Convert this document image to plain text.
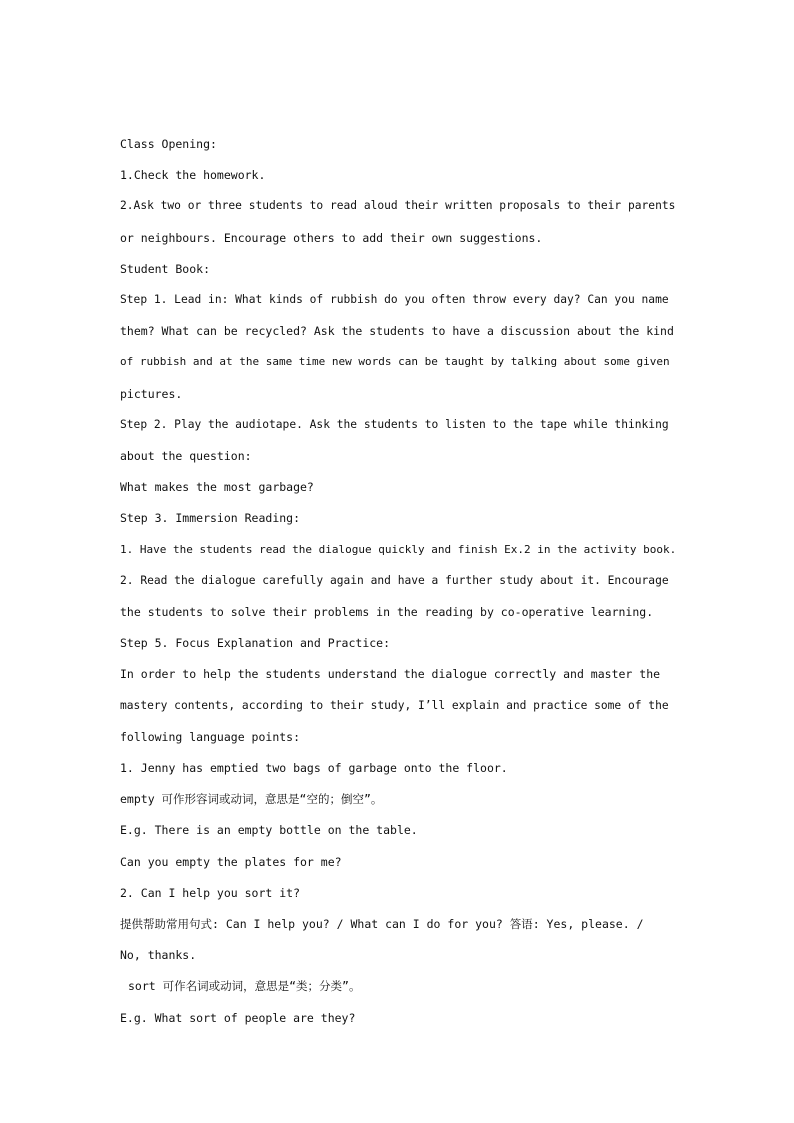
Class Opening:
1.Check the homework.
2.Ask two or three students to read aloud their written proposals to their parents
or neighbours. Encourage others to add their own suggestions.
Student Book:
Step 1. Lead in: What kinds of rubbish do you often throw every day? Can you name
them? What can be recycled? Ask the students to have a discussion about the kind
of rubbish and at the same time new words can be taught by talking about some given
pictures.
Step 2. Play the audiotape. Ask the students to listen to the tape while thinking
about the question:
What makes the most garbage?
Step 3. Immersion Reading:
1. Have the students read the dialogue quickly and finish Ex.2 in the activity book.
2. Read the dialogue carefully again and have a further study about it. Encourage
the students to solve their problems in the reading by co-operative learning.
Step 5. Focus Explanation and Practice:
In order to help the students understand the dialogue correctly and master the
mastery contents, according to their study, I’ll explain and practice some of the
following language points:
1. Jenny has emptied two bags of garbage onto the floor.
empty 可作形容词或动词，意思是“空的；倒空”。
E.g. There is an empty bottle on the table.
Can you empty the plates for me?
2. Can I help you sort it?
提供帮助常用句式: Can I help you? / What can I do for you? 答语: Yes, please. /
No, thanks.
sort 可作名词或动词，意思是“类；分类”。
E.g. What sort of people are they?
